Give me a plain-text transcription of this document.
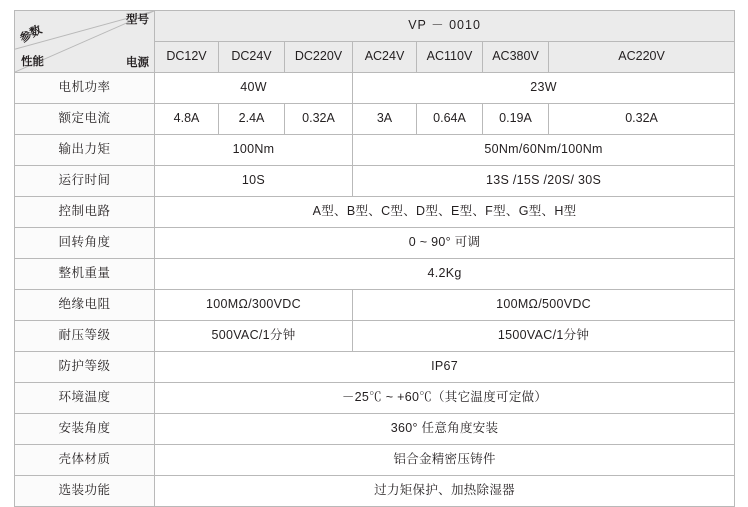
型号
电源
参数
性能	VP － 0010						
	DC12V	DC24V	DC220V	AC24V	AC110V	AC380V	AC220V
电机功率	40W			23W			
额定电流	4.8A	2.4A	0.32A	3A	0.64A	0.19A	0.32A
输出力矩	100Nm			50Nm/60Nm/100Nm			
运行时间	10S			13S /15S /20S/ 30S			
控制电路	A型、B型、C型、D型、E型、F型、G型、H型						
回转角度	0 ~ 90° 可调						
整机重量	4.2Kg						
绝缘电阻	100MΩ/300VDC			100MΩ/500VDC			
耐压等级	500VAC/1分钟			1500VAC/1分钟			
防护等级	IP67						
环境温度	－25℃ ~ +60℃（其它温度可定做）						
安装角度	360° 任意角度安装						
壳体材质	铝合金精密压铸件						
选装功能	过力矩保护、加热除湿器						
